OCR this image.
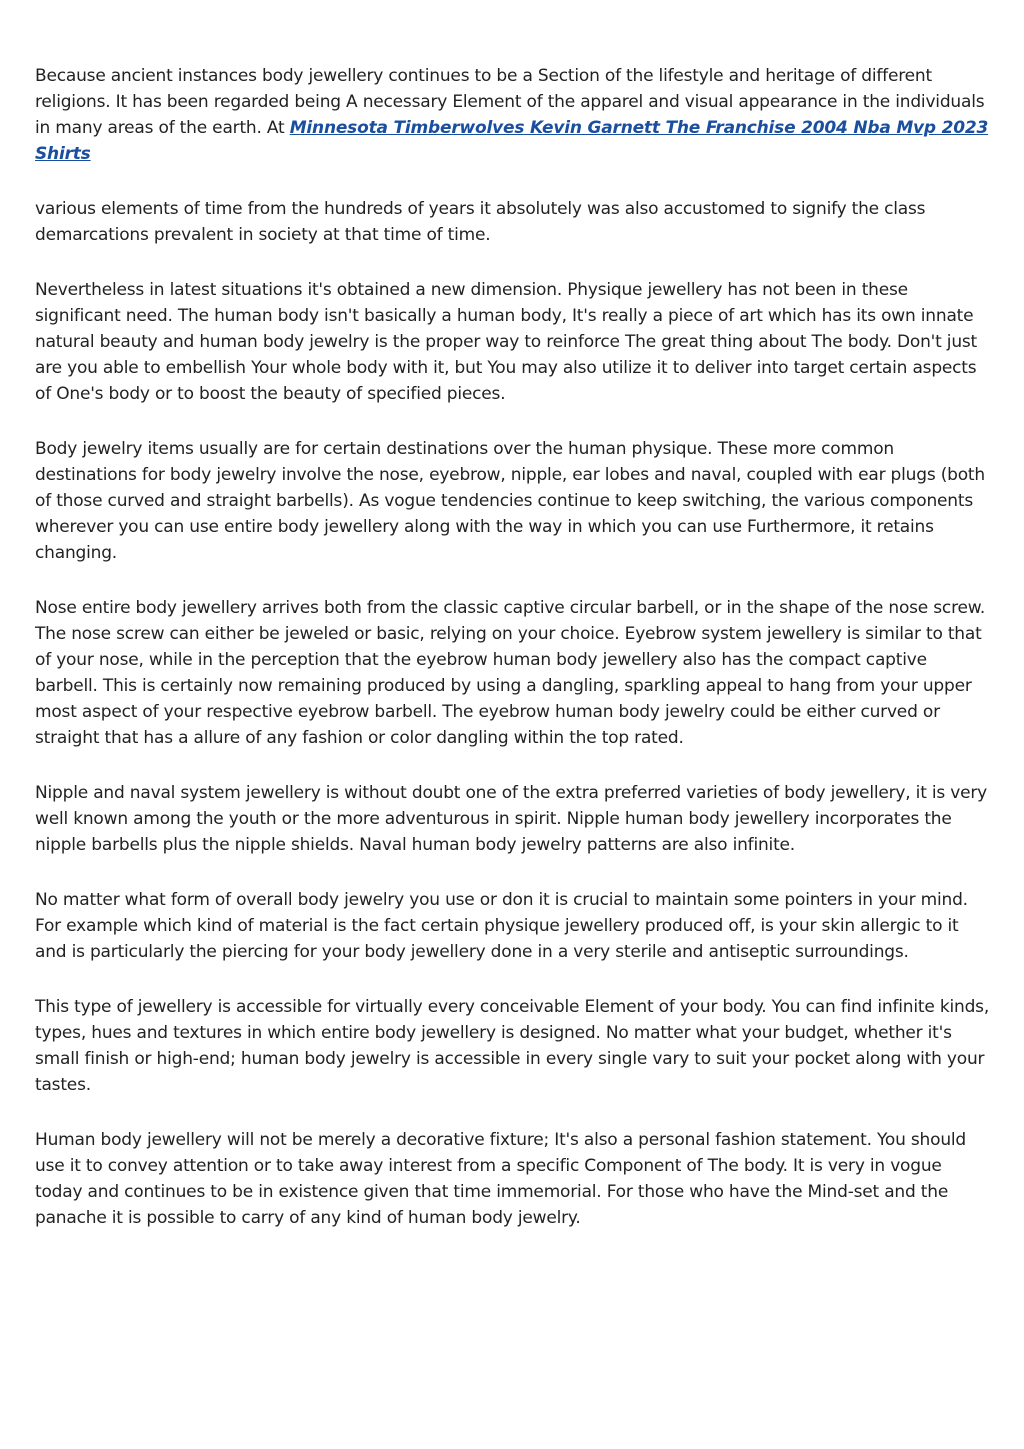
Because ancient instances body jewellery continues to be a Section of the lifestyle and heritage of different religions. It has been regarded being A necessary Element of the apparel and visual appearance in the individuals in many areas of the earth. At Minnesota Timberwolves Kevin Garnett The Franchise 2004 Nba Mvp 2023 Shirts

various elements of time from the hundreds of years it absolutely was also accustomed to signify the class demarcations prevalent in society at that time of time.

Nevertheless in latest situations it's obtained a new dimension. Physique jewellery has not been in these significant need. The human body isn't basically a human body, It's really a piece of art which has its own innate natural beauty and human body jewelry is the proper way to reinforce The great thing about The body. Don't just are you able to embellish Your whole body with it, but You may also utilize it to deliver into target certain aspects of One's body or to boost the beauty of specified pieces.

Body jewelry items usually are for certain destinations over the human physique. These more common destinations for body jewelry involve the nose, eyebrow, nipple, ear lobes and naval, coupled with ear plugs (both of those curved and straight barbells). As vogue tendencies continue to keep switching, the various components wherever you can use entire body jewellery along with the way in which you can use Furthermore, it retains changing.

Nose entire body jewellery arrives both from the classic captive circular barbell, or in the shape of the nose screw. The nose screw can either be jeweled or basic, relying on your choice. Eyebrow system jewellery is similar to that of your nose, while in the perception that the eyebrow human body jewellery also has the compact captive barbell. This is certainly now remaining produced by using a dangling, sparkling appeal to hang from your upper most aspect of your respective eyebrow barbell. The eyebrow human body jewelry could be either curved or straight that has a allure of any fashion or color dangling within the top rated.

Nipple and naval system jewellery is without doubt one of the extra preferred varieties of body jewellery, it is very well known among the youth or the more adventurous in spirit. Nipple human body jewellery incorporates the nipple barbells plus the nipple shields. Naval human body jewelry patterns are also infinite.

No matter what form of overall body jewelry you use or don it is crucial to maintain some pointers in your mind. For example which kind of material is the fact certain physique jewellery produced off, is your skin allergic to it and is particularly the piercing for your body jewellery done in a very sterile and antiseptic surroundings.

This type of jewellery is accessible for virtually every conceivable Element of your body. You can find infinite kinds, types, hues and textures in which entire body jewellery is designed. No matter what your budget, whether it's small finish or high-end; human body jewelry is accessible in every single vary to suit your pocket along with your tastes.

Human body jewellery will not be merely a decorative fixture; It's also a personal fashion statement. You should use it to convey attention or to take away interest from a specific Component of The body. It is very in vogue today and continues to be in existence given that time immemorial. For those who have the Mind-set and the panache it is possible to carry of any kind of human body jewelry.
